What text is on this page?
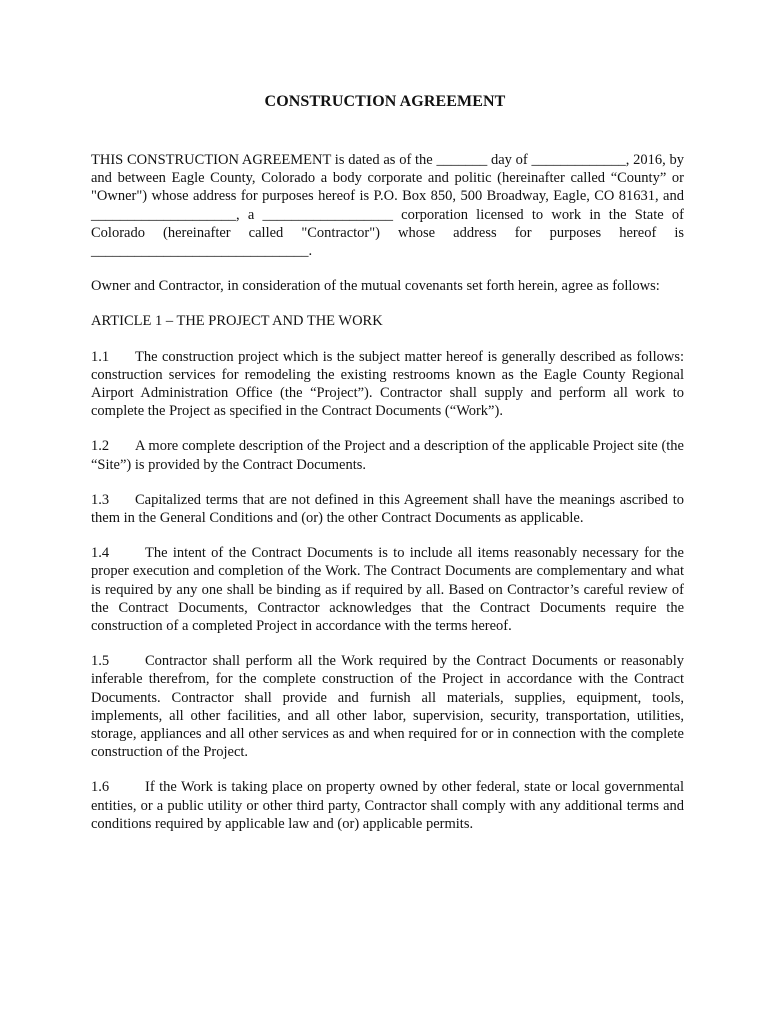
CONSTRUCTION AGREEMENT

THIS CONSTRUCTION AGREEMENT is dated as of the _______ day of _____________, 2016, by and between Eagle County, Colorado a body corporate and politic (hereinafter called “County” or "Owner") whose address for purposes hereof is P.O. Box 850, 500 Broadway, Eagle, CO 81631, and ____________________, a __________________ corporation licensed to work in the State of Colorado (hereinafter called "Contractor") whose address for purposes hereof is ______________________________.

Owner and Contractor, in consideration of the mutual covenants set forth herein, agree as follows:

ARTICLE 1 – THE PROJECT AND THE WORK

1.1 The construction project which is the subject matter hereof is generally described as follows: construction services for remodeling the existing restrooms known as the Eagle County Regional Airport Administration Office (the “Project”). Contractor shall supply and perform all work to complete the Project as specified in the Contract Documents (“Work”).

1.2 A more complete description of the Project and a description of the applicable Project site (the “Site”) is provided by the Contract Documents.

1.3 Capitalized terms that are not defined in this Agreement shall have the meanings ascribed to them in the General Conditions and (or) the other Contract Documents as applicable.

1.4 The intent of the Contract Documents is to include all items reasonably necessary for the proper execution and completion of the Work. The Contract Documents are complementary and what is required by any one shall be binding as if required by all. Based on Contractor’s careful review of the Contract Documents, Contractor acknowledges that the Contract Documents require the construction of a completed Project in accordance with the terms hereof.

1.5 Contractor shall perform all the Work required by the Contract Documents or reasonably inferable therefrom, for the complete construction of the Project in accordance with the Contract Documents. Contractor shall provide and furnish all materials, supplies, equipment, tools, implements, all other facilities, and all other labor, supervision, security, transportation, utilities, storage, appliances and all other services as and when required for or in connection with the complete construction of the Project.

1.6 If the Work is taking place on property owned by other federal, state or local governmental entities, or a public utility or other third party, Contractor shall comply with any additional terms and conditions required by applicable law and (or) applicable permits.
